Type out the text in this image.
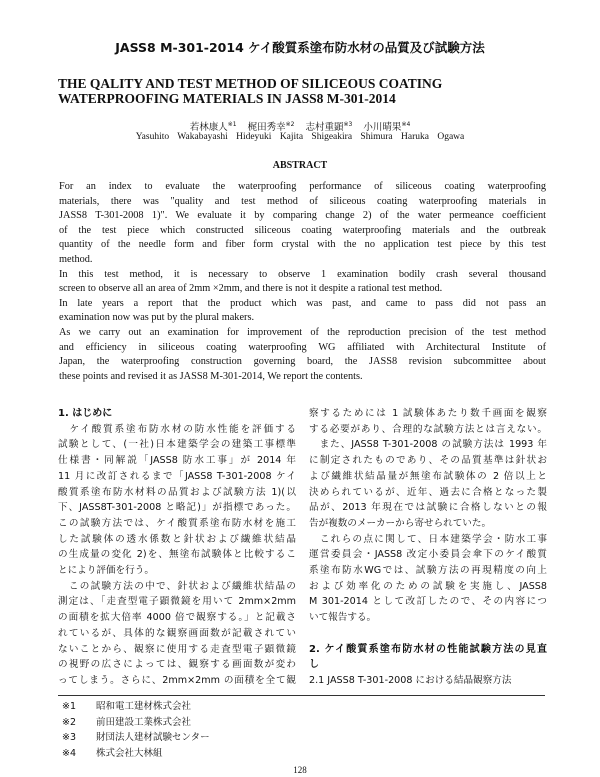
JASS8 M-301-2014 ケイ酸質系塗布防水材の品質及び試験方法
THE QALITY AND TEST METHOD OF SILICEOUS COATING WATERPROOFING MATERIALS IN JASS8 M-301-2014
若林康人$^{※1}$ 梶田秀幸$^{※2}$ 志村重顕$^{※3}$ 小川晴果$^{※4}$
Yasuhito Wakabayashi Hideyuki Kajita Shigeakira Shimura Haruka Ogawa
ABSTRACT
For an index to evaluate the waterproofing performance of siliceous coating waterproofing
materials, there was "quality and test method of siliceous coating waterproofing materials in
JASS8 T-301-2008 1)". We evaluate it by comparing change 2) of the water permeance coefficient
of the test piece which constructed siliceous coating waterproofing materials and the outbreak
quantity of the needle form and fiber form crystal with the no application test piece by this test
method.
In this test method, it is necessary to observe 1 examination bodily crash several thousand
screen to observe all an area of 2mm ×2mm, and there is not it despite a rational test method.
In late years a report that the product which was past, and came to pass did not pass an
examination now was put by the plural makers.
As we carry out an examination for improvement of the reproduction precision of the test method
and efficiency in siliceous coating waterproofing WG affiliated with Architectural Institute of
Japan, the waterproofing construction governing board, the JASS8 revision subcommittee about
these points and revised it as JASS8 M-301-2014, We report the contents.
1. はじめに
　ケイ酸質系塗布防水材の防水性能を評価する
試験として、(一社)日本建築学会の建築工事標準
仕様書・同解説「JASS8 防水工事」が 2014 年
11 月に改訂されるまで「JASS8 T-301-2008 ケイ
酸質系塗布防水材料の品質および試験方法 1)(以
下、JASS8T-301-2008 と略記)」が指標であった。
この試験方法では、ケイ酸質系塗布防水材を施工
した試験体の透水係数と針状および繊維状結晶
の生成量の変化 2)を、無塗布試験体と比較するこ
とにより評価を行う。
　この試験方法の中で、針状および繊維状結晶の
測定は、「走査型電子顕微鏡を用いて 2mm×2mm
の面積を拡大倍率 4000 倍で観察する。」と記載さ
れているが、具体的な観察画面数が記載されてい
ないことから、観察に使用する走査型電子顕微鏡
の視野の広さによっては、観察する画面数が変わ
ってしまう。さらに、2mm×2mm の面積を全て観
察するためには 1 試験体あたり数千画面を観察
する必要があり、合理的な試験方法とは言えない。
　また、JASS8 T-301-2008 の試験方法は 1993 年
に制定されたものであり、その品質基準は針状お
よび繊維状結晶量が無塗布試験体の 2 倍以上と
決められているが、近年、過去に合格となった製
品が、2013 年現在では試験に合格しないとの報
告が複数のメーカーから寄せられていた。
　これらの点に関して、日本建築学会・防水工事
運営委員会・JASS8 改定小委員会傘下のケイ酸質
系塗布防水WGでは、試験方法の再現精度の向上
および効率化のための試験を実施し、JASS8
M 301-2014 として改訂したので、その内容につ
いて報告する。
2. ケイ酸質系塗布防水材の性能試験方法の見直
し
2.1 JASS8 T-301-2008 における結晶観察方法
※1 昭和電工建材株式会社
※2 前田建設工業株式会社
※3 財団法人建材試験センター
※4 株式会社大林組
128
